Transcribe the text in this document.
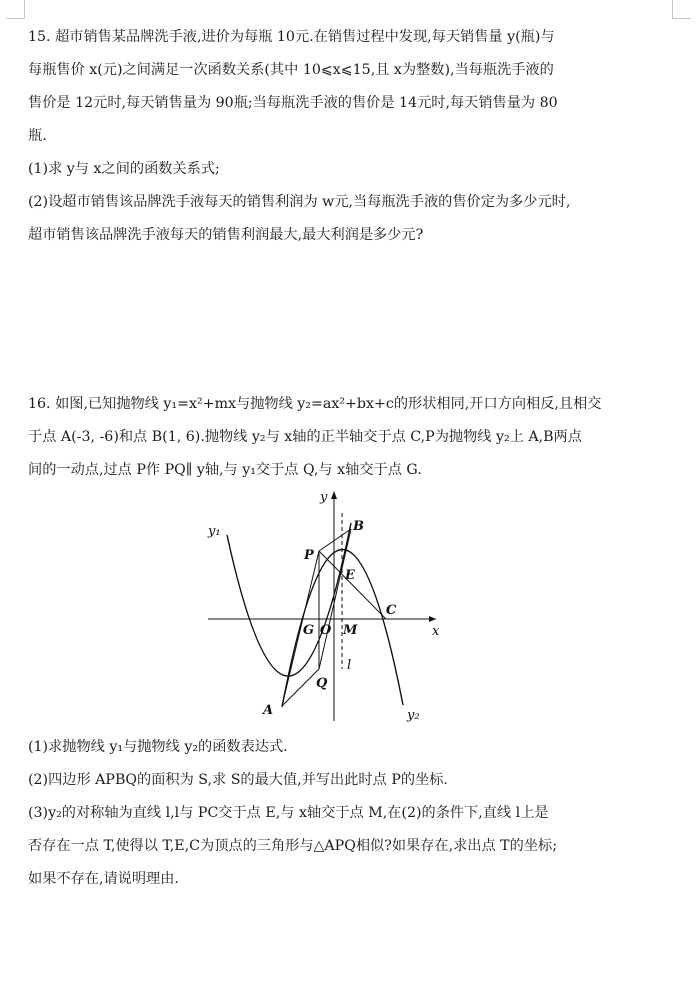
15. 超市销售某品牌洗手液,进价为每瓶 10元.在销售过程中发现,每天销售量 y(瓶)与

每瓶售价 x(元)之间满足一次函数关系(其中 10⩽x⩽15,且 x为整数),当每瓶洗手液的

售价是 12元时,每天销售量为 90瓶;当每瓶洗手液的售价是 14元时,每天销售量为 80

瓶.

(1)求 y与 x之间的函数关系式;

(2)设超市销售该品牌洗手液每天的销售利润为 w元,当每瓶洗手液的售价定为多少元时,

超市销售该品牌洗手液每天的销售利润最大,最大利润是多少元?

16. 如图,已知抛物线 y₁=x²+mx与抛物线 y₂=ax²+bx+c的形状相同,开口方向相反,且相交

于点 A(-3, -6)和点 B(1, 6).抛物线 y₂与 x轴的正半轴交于点 C,P为抛物线 y₂上 A,B两点

间的一动点,过点 P作 PQ∥ y轴,与 y₁交于点 Q,与 x轴交于点 G.

y₁
y₂
y
x
B
P
E
C
G O M
l
Q
A

(1)求抛物线 y₁与抛物线 y₂的函数表达式.

(2)四边形 APBQ的面积为 S,求 S的最大值,并写出此时点 P的坐标.

(3)y₂的对称轴为直线 l,l与 PC交于点 E,与 x轴交于点 M,在(2)的条件下,直线 l上是

否存在一点 T,使得以 T,E,C为顶点的三角形与△APQ相似?如果存在,求出点 T的坐标;

如果不存在,请说明理由.
